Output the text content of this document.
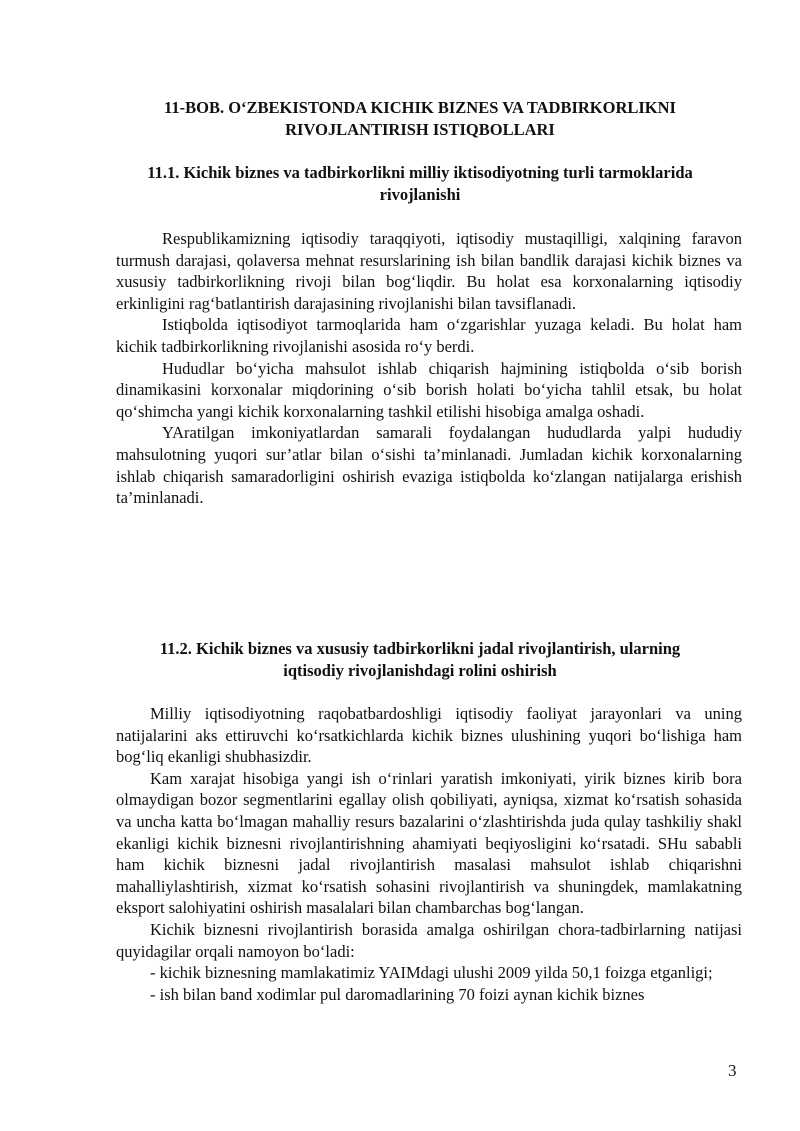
11-BOB. O‘ZBEKISTONDA KICHIK BIZNES VA TADBIRKORLIKNI
RIVOJLANTIRISH ISTIQBOLLARI
11.1. Kichik biznes va tadbirkorlikni milliy iktisodiyotning turli tarmoklarida
rivojlanishi

Respublikamizning iqtisodiy taraqqiyoti, iqtisodiy mustaqilligi, xalqining faravon turmush darajasi, qolaversa mehnat resurslarining ish bilan bandlik darajasi kichik biznes va xususiy tadbirkorlikning rivoji bilan bog‘liqdir. Bu holat esa korxonalarning iqtisodiy erkinligini rag‘batlantirish darajasining rivojlanishi bilan tavsiflanadi.

Istiqbolda iqtisodiyot tarmoqlarida ham o‘zgarishlar yuzaga keladi. Bu holat ham kichik tadbirkorlikning rivojlanishi asosida ro‘y berdi.

Hududlar bo‘yicha mahsulot ishlab chiqarish hajmining istiqbolda o‘sib borish dinamikasini korxonalar miqdorining o‘sib borish holati bo‘yicha tahlil etsak, bu holat qo‘shimcha yangi kichik korxonalarning tashkil etilishi hisobiga amalga oshadi.

YAratilgan imkoniyatlardan samarali foydalangan hududlarda yalpi hududiy mahsulotning yuqori sur’atlar bilan o‘sishi ta’minlanadi. Jumladan kichik korxonalarning ishlab chiqarish samaradorligini oshirish evaziga istiqbolda ko‘zlangan natijalarga erishish ta’minlanadi.

11.2. Kichik biznes va xususiy tadbirkorlikni jadal rivojlantirish, ularning
iqtisodiy rivojlanishdagi rolini oshirish

Milliy iqtisodiyotning raqobatbardoshligi iqtisodiy faoliyat jarayonlari va uning natijalarini aks ettiruvchi ko‘rsatkichlarda kichik biznes ulushining yuqori bo‘lishiga ham bog‘liq ekanligi shubhasizdir.

Kam xarajat hisobiga yangi ish o‘rinlari yaratish imkoniyati, yirik biznes kirib bora olmaydigan bozor segmentlarini egallay olish qobiliyati, ayniqsa, xizmat ko‘rsatish sohasida va uncha katta bo‘lmagan mahalliy resurs bazalarini o‘zlashtirishda juda qulay tashkiliy shakl ekanligi kichik biznesni rivojlantirishning ahamiyati beqiyosligini ko‘rsatadi. SHu sababli ham kichik biznesni jadal rivojlantirish masalasi mahsulot ishlab chiqarishni mahalliylashtirish, xizmat ko‘rsatish sohasini rivojlantirish va shuningdek, mamlakatning eksport salohiyatini oshirish masalalari bilan chambarchas bog‘langan.

Kichik biznesni rivojlantirish borasida amalga oshirilgan chora-tadbirlarning natijasi quyidagilar orqali namoyon bo‘ladi:

- kichik biznesning mamlakatimiz YAIMdagi ulushi 2009 yilda 50,1 foizga etganligi;

- ish bilan band xodimlar pul daromadlarining 70 foizi aynan kichik biznes

3
